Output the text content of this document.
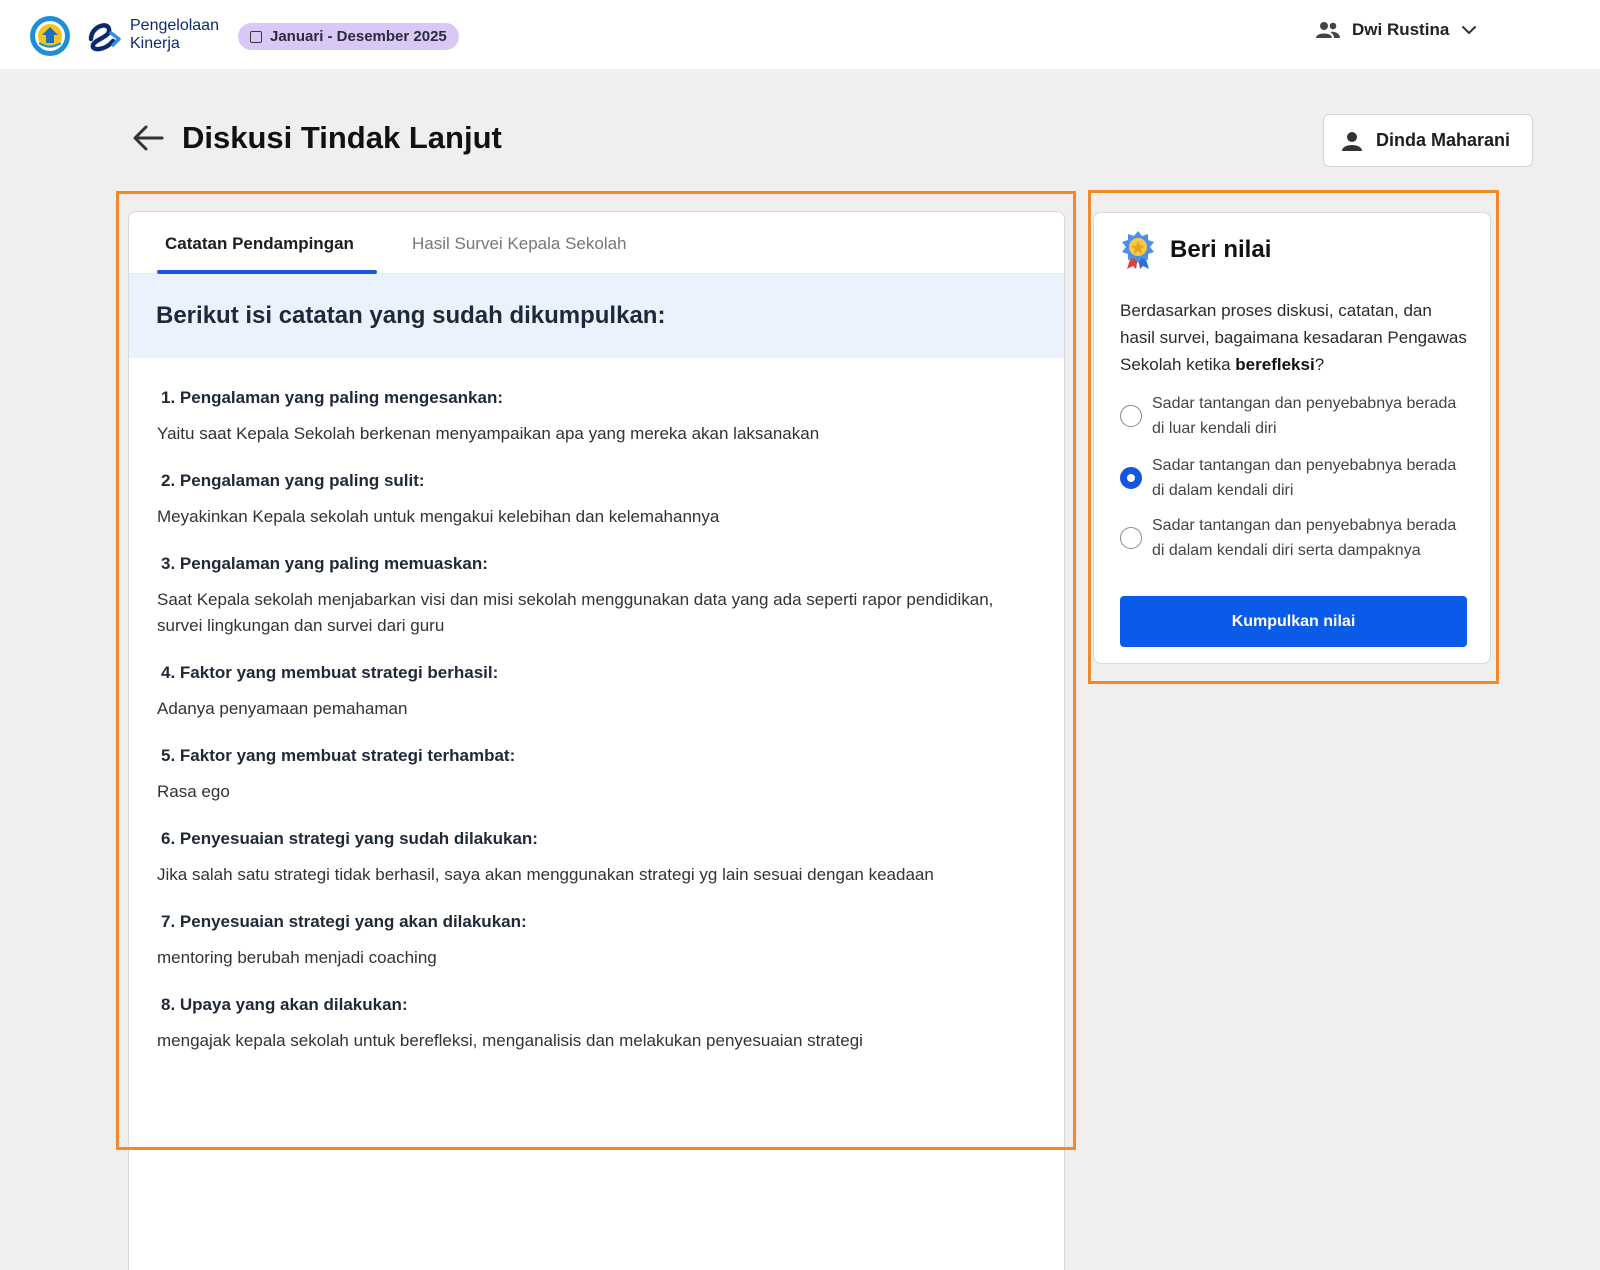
Pengelolaan
Kinerja	Januari - Desember 2025	Dwi Rustina
Diskusi Tindak Lanjut	Dinda Maharani
Catatan Pendampingan	Hasil Survei Kepala Sekolah
Berikut isi catatan yang sudah dikumpulkan:
1. Pengalaman yang paling mengesankan:
Yaitu saat Kepala Sekolah berkenan menyampaikan apa yang mereka akan laksanakan
2. Pengalaman yang paling sulit:
Meyakinkan Kepala sekolah untuk mengakui kelebihan dan kelemahannya
3. Pengalaman yang paling memuaskan:
Saat Kepala sekolah menjabarkan visi dan misi sekolah menggunakan data yang ada seperti rapor pendidikan, survei lingkungan dan survei dari guru
4. Faktor yang membuat strategi berhasil:
Adanya penyamaan pemahaman
5. Faktor yang membuat strategi terhambat:
Rasa ego
6. Penyesuaian strategi yang sudah dilakukan:
Jika salah satu strategi tidak berhasil, saya akan menggunakan strategi yg lain sesuai dengan keadaan
7. Penyesuaian strategi yang akan dilakukan:
mentoring berubah menjadi coaching
8. Upaya yang akan dilakukan:
mengajak kepala sekolah untuk berefleksi, menganalisis dan melakukan penyesuaian strategi
Beri nilai

Berdasarkan proses diskusi, catatan, dan hasil survei, bagaimana kesadaran Pengawas Sekolah ketika berefleksi?

Sadar tantangan dan penyebabnya berada di luar kendali diri
Sadar tantangan dan penyebabnya berada di dalam kendali diri
Sadar tantangan dan penyebabnya berada di dalam kendali diri serta dampaknya
Kumpulkan nilai
